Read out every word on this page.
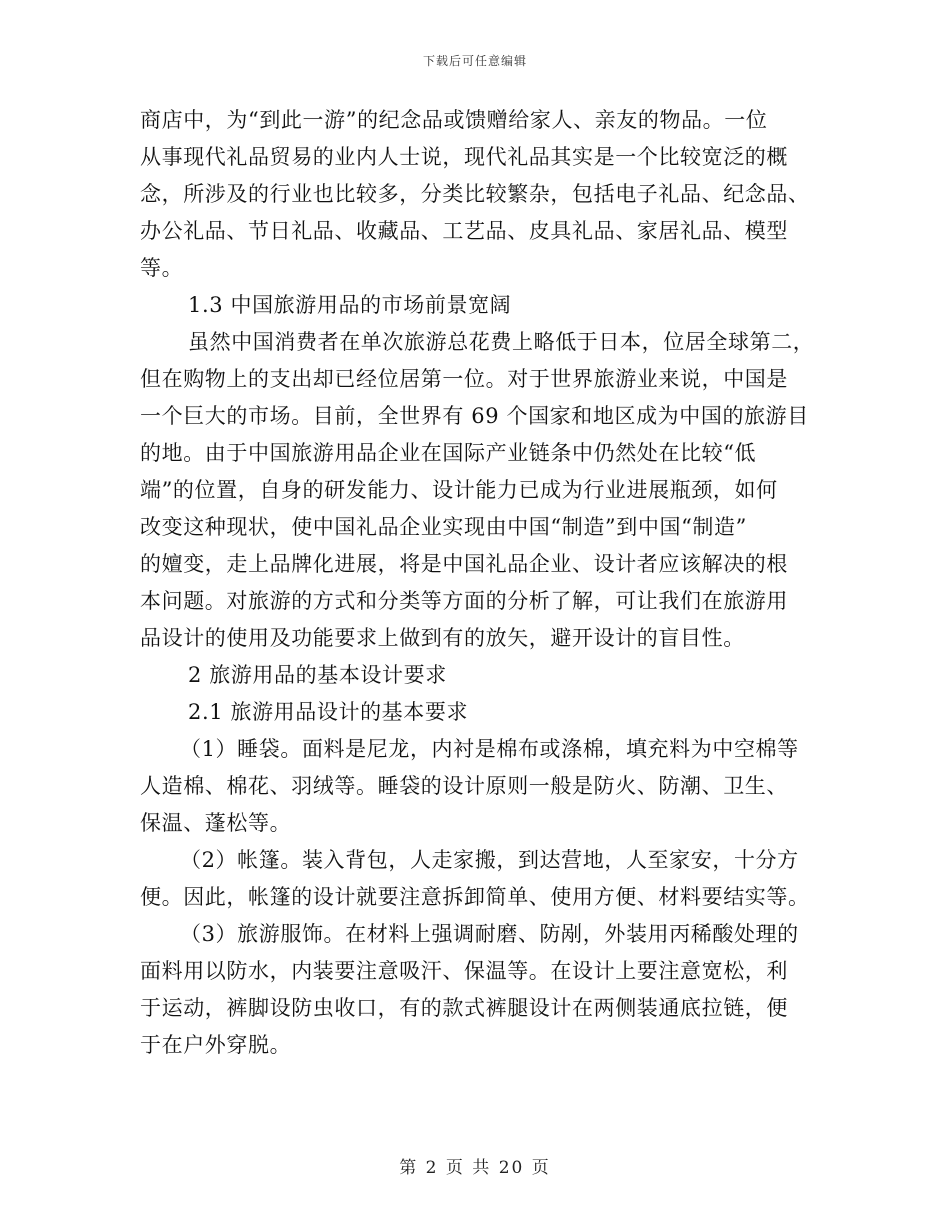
下载后可任意编辑
商店中，为“到此一游”的纪念品或馈赠给家人、亲友的物品。一位
从事现代礼品贸易的业内人士说，现代礼品其实是一个比较宽泛的概
念，所涉及的行业也比较多，分类比较繁杂，包括电子礼品、纪念品、
办公礼品、节日礼品、收藏品、工艺品、皮具礼品、家居礼品、模型
等。
1.3 中国旅游用品的市场前景宽阔
虽然中国消费者在单次旅游总花费上略低于日本，位居全球第二，
但在购物上的支出却已经位居第一位。对于世界旅游业来说，中国是
一个巨大的市场。目前，全世界有 69 个国家和地区成为中国的旅游目
的地。由于中国旅游用品企业在国际产业链条中仍然处在比较“低
端”的位置，自身的研发能力、设计能力已成为行业进展瓶颈，如何
改变这种现状，使中国礼品企业实现由中国“制造”到中国“制造”
的嬗变，走上品牌化进展，将是中国礼品企业、设计者应该解决的根
本问题。对旅游的方式和分类等方面的分析了解，可让我们在旅游用
品设计的使用及功能要求上做到有的放矢，避开设计的盲目性。
2 旅游用品的基本设计要求
2.1 旅游用品设计的基本要求
（1）睡袋。面料是尼龙，内衬是棉布或涤棉，填充料为中空棉等
人造棉、棉花、羽绒等。睡袋的设计原则一般是防火、防潮、卫生、
保温、蓬松等。
（2）帐篷。装入背包，人走家搬，到达营地，人至家安，十分方
便。因此，帐篷的设计就要注意拆卸简单、使用方便、材料要结实等。
（3）旅游服饰。在材料上强调耐磨、防剐，外装用丙稀酸处理的
面料用以防水，内装要注意吸汗、保温等。在设计上要注意宽松，利
于运动，裤脚设防虫收口，有的款式裤腿设计在两侧装通底拉链，便
于在户外穿脱。
第 2 页 共 20 页
